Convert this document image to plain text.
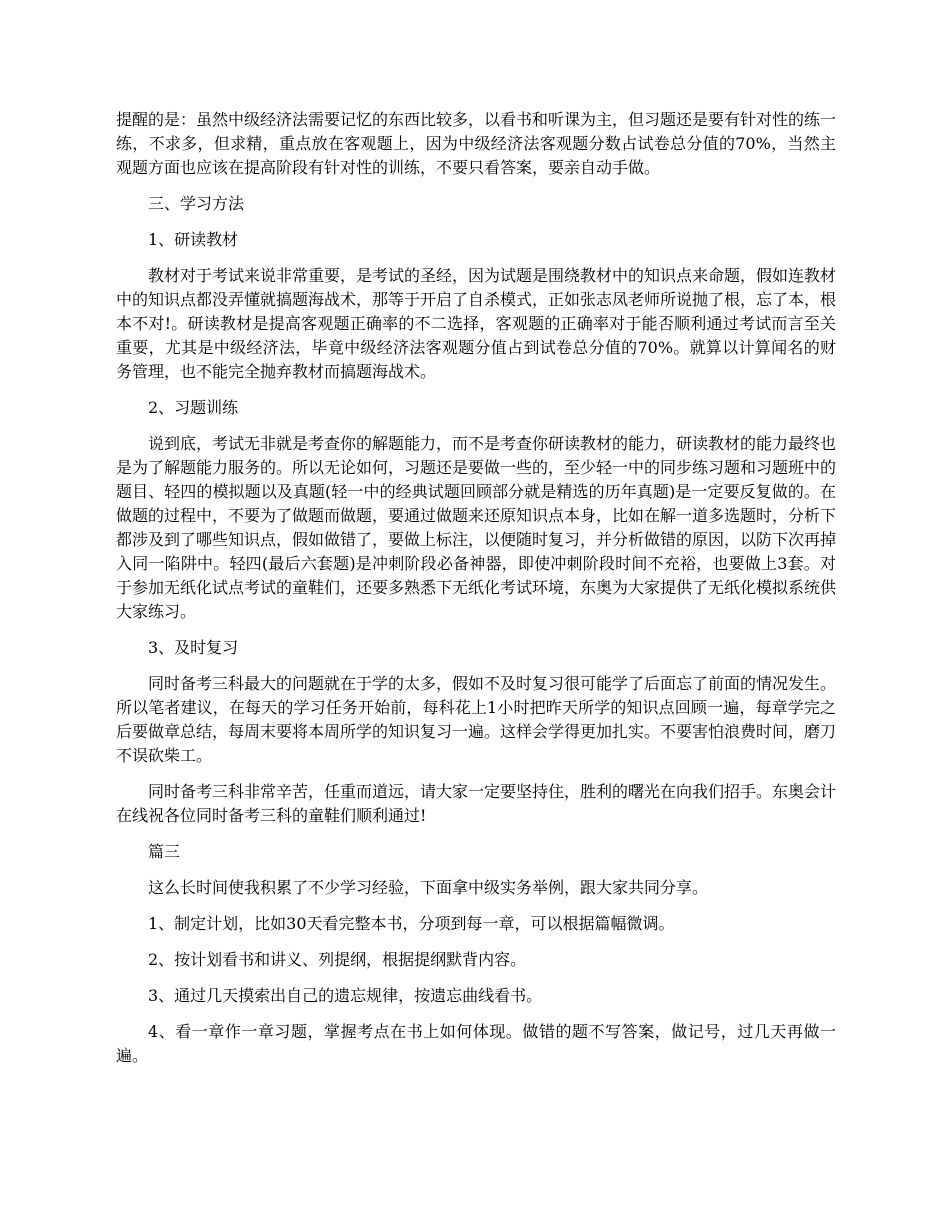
提醒的是：虽然中级经济法需要记忆的东西比较多，以看书和听课为主，但习题还是要有针对性的练一练，不求多，但求精，重点放在客观题上，因为中级经济法客观题分数占试卷总分值的70%，当然主观题方面也应该在提高阶段有针对性的训练，不要只看答案，要亲自动手做。

三、学习方法

1、研读教材

教材对于考试来说非常重要，是考试的圣经，因为试题是围绕教材中的知识点来命题，假如连教材中的知识点都没弄懂就搞题海战术，那等于开启了自杀模式，正如张志凤老师所说抛了根，忘了本，根本不对!。研读教材是提高客观题正确率的不二选择，客观题的正确率对于能否顺利通过考试而言至关重要，尤其是中级经济法，毕竟中级经济法客观题分值占到试卷总分值的70%。就算以计算闻名的财务管理，也不能完全抛弃教材而搞题海战术。

2、习题训练

说到底，考试无非就是考查你的解题能力，而不是考查你研读教材的能力，研读教材的能力最终也是为了解题能力服务的。所以无论如何，习题还是要做一些的，至少轻一中的同步练习题和习题班中的题目、轻四的模拟题以及真题(轻一中的经典试题回顾部分就是精选的历年真题)是一定要反复做的。在做题的过程中，不要为了做题而做题，要通过做题来还原知识点本身，比如在解一道多选题时，分析下都涉及到了哪些知识点，假如做错了，要做上标注，以便随时复习，并分析做错的原因，以防下次再掉入同一陷阱中。轻四(最后六套题)是冲刺阶段必备神器，即使冲刺阶段时间不充裕，也要做上3套。对于参加无纸化试点考试的童鞋们，还要多熟悉下无纸化考试环境，东奥为大家提供了无纸化模拟系统供大家练习。

3、及时复习

同时备考三科最大的问题就在于学的太多，假如不及时复习很可能学了后面忘了前面的情况发生。所以笔者建议，在每天的学习任务开始前，每科花上1小时把昨天所学的知识点回顾一遍，每章学完之后要做章总结，每周末要将本周所学的知识复习一遍。这样会学得更加扎实。不要害怕浪费时间，磨刀不误砍柴工。

同时备考三科非常辛苦，任重而道远，请大家一定要坚持住，胜利的曙光在向我们招手。东奥会计在线祝各位同时备考三科的童鞋们顺利通过!

篇三

这么长时间使我积累了不少学习经验，下面拿中级实务举例，跟大家共同分享。

1、制定计划，比如30天看完整本书，分项到每一章，可以根据篇幅微调。

2、按计划看书和讲义、列提纲，根据提纲默背内容。

3、通过几天摸索出自己的遗忘规律，按遗忘曲线看书。

4、看一章作一章习题，掌握考点在书上如何体现。做错的题不写答案，做记号，过几天再做一遍。
